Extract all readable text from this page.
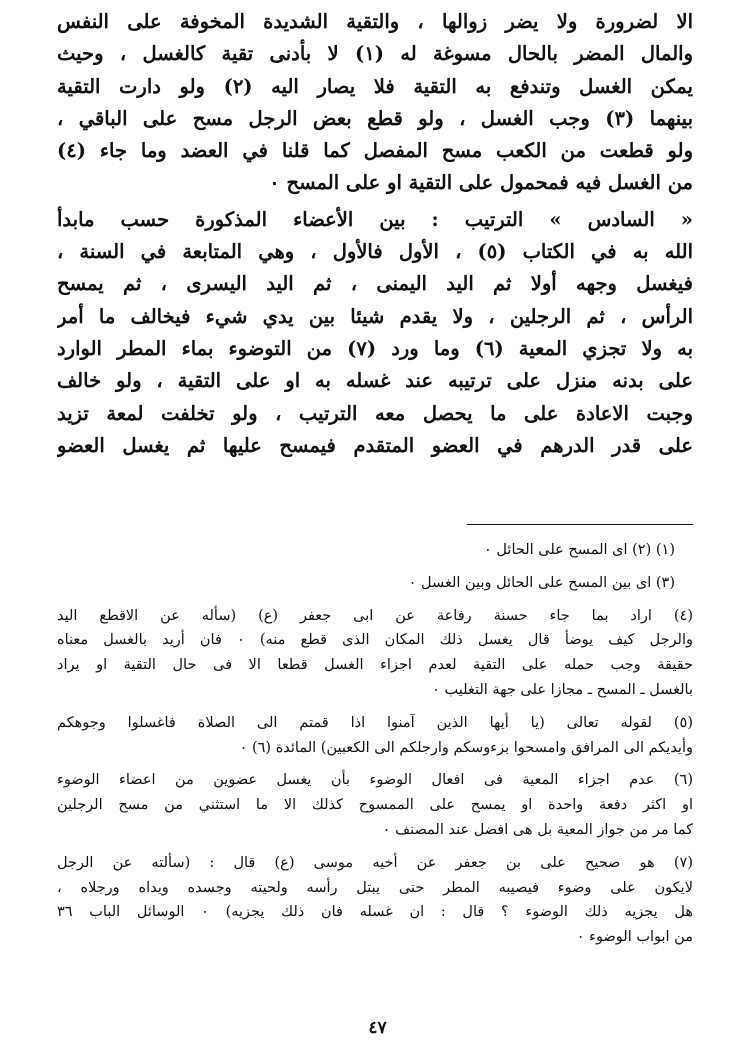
الا لضرورة ولا يضر زوالها ، والتقية الشديدة المخوفة على النفس
والمال المضر بالحال مسوغة له (١) لا بأدنى تقية كالغسل ، وحيث
يمكن الغسل وتندفع به التقية فلا يصار اليه (٢) ولو دارت التقية
بينهما (٣) وجب الغسل ، ولو قطع بعض الرجل مسح على الباقي ،
ولو قطعت من الكعب مسح المفصل كما قلنا في العضد وما جاء (٤)
من الغسل فيه فمحمول على التقية او على المسح ٠

« السادس » الترتيب : بين الأعضاء المذكورة حسب مابدأ
الله به في الكتاب (٥) ، الأول فالأول ، وهي المتابعة في السنة ،
فيغسل وجهه أولا ثم اليد اليمنى ، ثم اليد اليسرى ، ثم يمسح
الرأس ، ثم الرجلين ، ولا يقدم شيئا بين يدي شيء فيخالف ما أمر
به ولا تجزي المعية (٦) وما ورد (٧) من التوضوء بماء المطر الوارد
على بدنه منزل على ترتيبه عند غسله به او على التقية ، ولو خالف
وجبت الاعادة على ما يحصل معه الترتيب ، ولو تخلفت لمعة تزيد
على قدر الدرهم في العضو المتقدم فيمسح عليها ثم يغسل العضو

(١) (٢) اى المسح على الحائل ٠

(٣) اى بين المسح على الحائل وبين الغسل ٠

(٤) اراد بما جاء حسنة رفاعة عن ابى جعفر (ع) (سأله عن الاقطع اليد
والرجل كيف يوضأ قال يغسل ذلك المكان الذى قطع منه) ٠ فان أريد بالغسل معناه
حقيقة وجب حمله على التقية لعدم اجزاء الغسل قطعا الا فى حال التقية او يراد
بالغسل ـ المسح ـ مجازا على جهة التغليب ٠

(٥) لقوله تعالى (يا أيها الذين آمنوا اذا قمتم الى الصلاة فاغسلوا وجوهكم
وأيديكم الى المرافق وامسحوا برءوسكم وارجلكم الى الكعبين) المائدة (٦) ٠

(٦) عدم اجزاء المعية فى افعال الوضوء بأن يغسل عضوين من اعضاء الوضوء
او اكثر دفعة واحدة او يمسح على الممسوح كذلك الا ما استثني من مسح الرجلين
كما مر من جواز المعية بل هى افضل عند المصنف ٠

(٧) هو صحيح على بن جعفر عن أخيه موسى (ع) قال : (سألته عن الرجل
لايكون على وضوء فيصيبه المطر حتى يبتل رأسه ولحيته وجسده ويداه ورجلاه ،
هل يجزيه ذلك الوضوء ؟ قال : ان غسله فان ذلك يجزيه) ٠ الوسائل الباب ٣٦
من ابواب الوضوء ٠

٤٧
